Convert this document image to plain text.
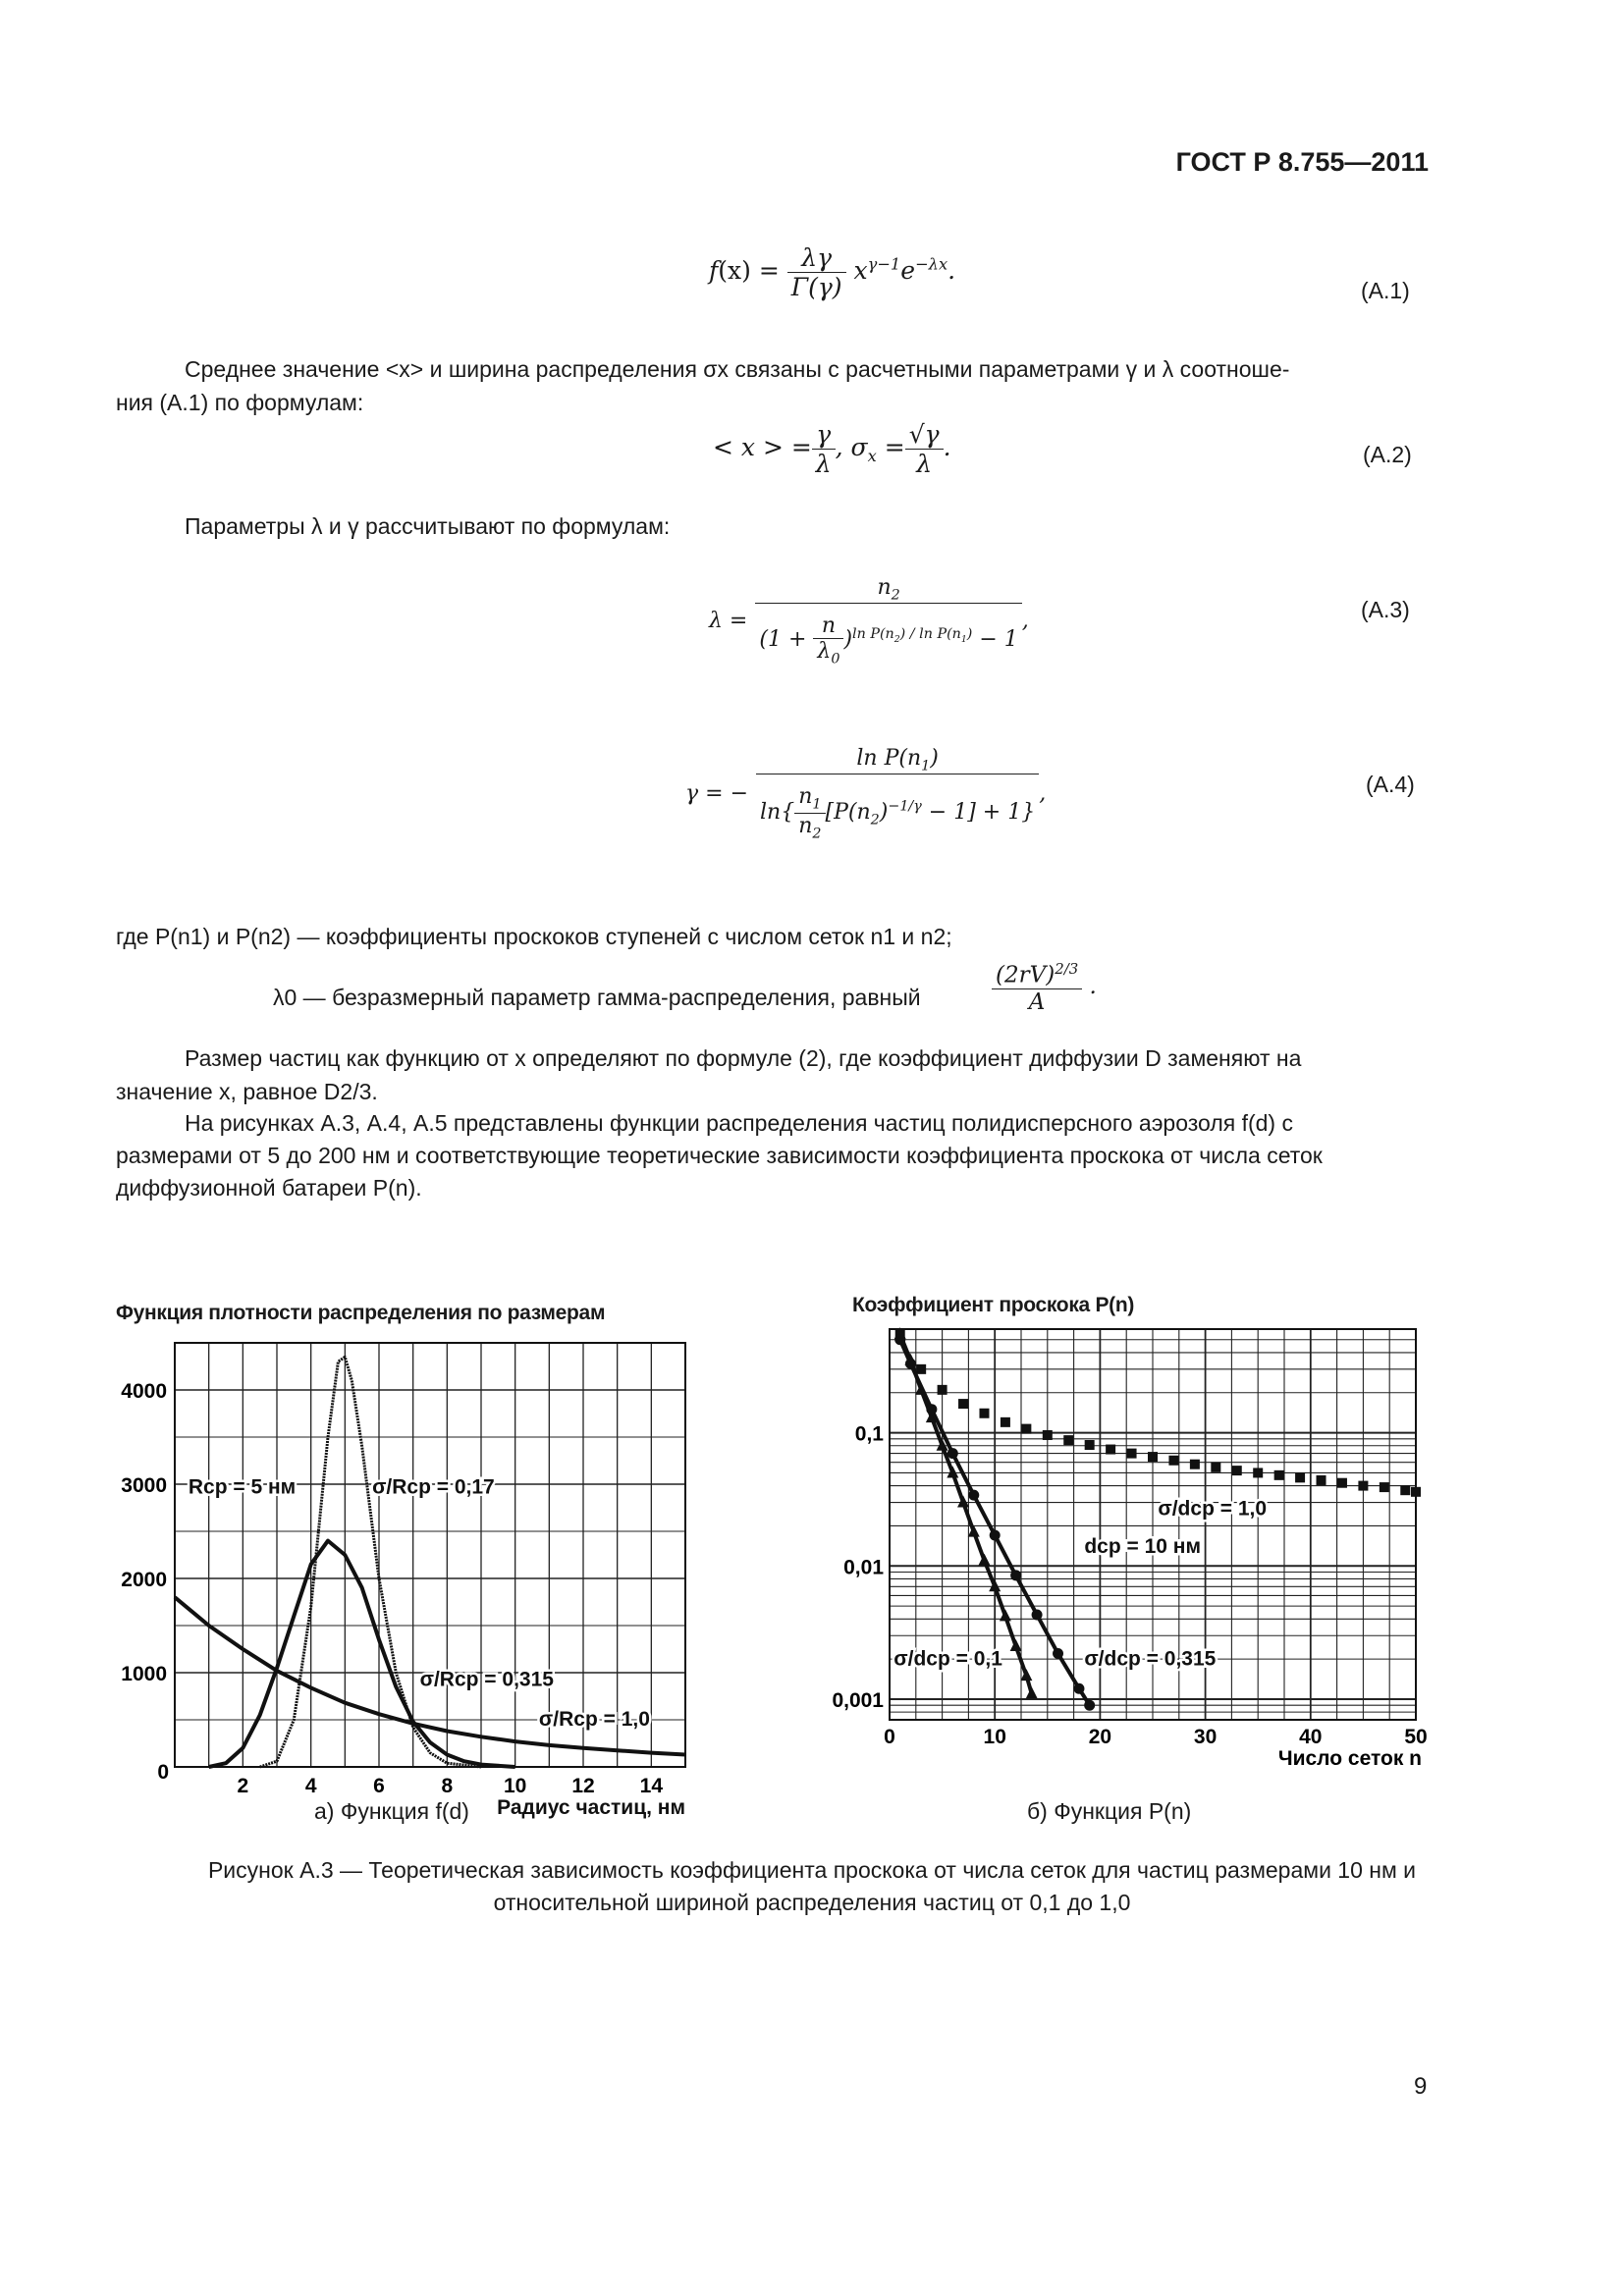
ГОСТ Р 8.755—2011
$f(x) = \frac{\lambda\gamma}{\Gamma(\gamma)} x^{\gamma-1}e^{-\lambda x}$.
(А.1)
Среднее значение <x> и ширина распределения σx связаны с расчетными параметрами γ и λ соотноше-
ния (А.1) по формулам:
< x > = $\frac{\gamma}{\lambda}$ , $\sigma_x = \frac{√\gamma}{\lambda}$ .	(А.2)
Параметры λ и γ рассчитывают по формулам:
$\lambda = \frac{n_2}{(1 + \frac{n}{\lambda_0} )^{ln P(n_2) / ln P(n_1)} - 1}$ ,	(А.3)
γ = − $\frac{\ln P(n_1)}{\ln\{ \frac{n_1}{n_2} [P(n_2)^{-1/\gamma} - 1] + 1\}}$ ,	(А.4)
где P(n1) и P(n2) — коэффициенты проскоков ступеней с числом сеток n1 и n2;
λ0 — безразмерный параметр гамма-распределения, равный	$\frac{(2rV)^{2/3}}{A}$ .
Размер частиц как функцию от x определяют по формуле (2), где коэффициент диффузии D заменяют на
значение x, равное D2/3.
На рисунках А.3, А.4, А.5 представлены функции распределения частиц полидисперсного аэрозоля f(d) с
размерами от 5 до 200 нм и соответствующие теоретические зависимости коэффициента проскока от числа сеток
диффузионной батареи P(n).
Функция плотности распределения по размерам
2	4	6	8 10 12 14
4000
3000
2000
1000
0
Радиус частиц, нм
Rср = 5 нм	σ/Rср = 0,17
σ/Rср = 0,315
σ/Rср = 1,0
а) Функция f(d)
Коэффициент проскока P(n)
0	10	20	30	40	50
0,1
0,01
0,001
Число сеток n
σ/dср = 1,0
dср = 10 нм
σ/dср = 0,1	σ/dср = 0,315
б) Функция P(n)
Рисунок А.3 — Теоретическая зависимость коэффициента проскока от числа сеток для частиц размерами 10 нм и
относительной шириной распределения частиц от 0,1 до 1,0
9
